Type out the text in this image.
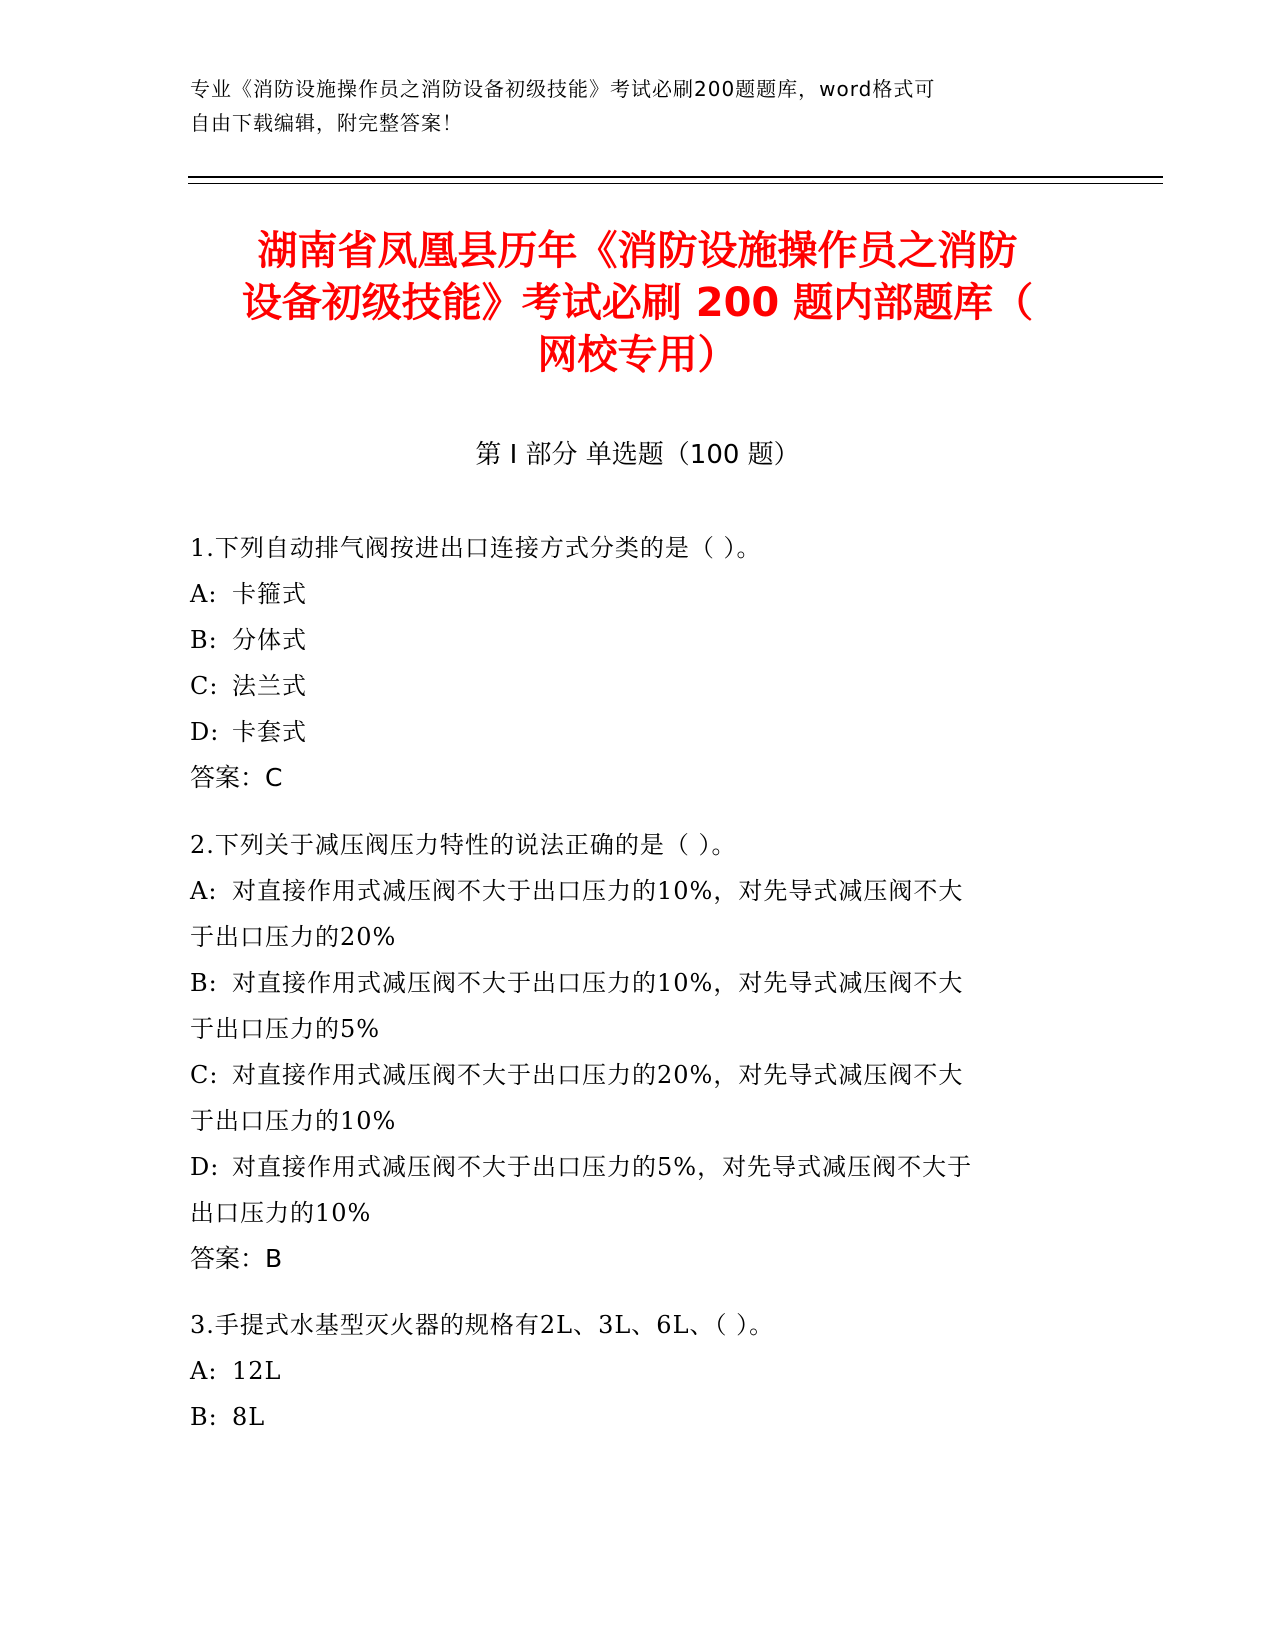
专业《消防设施操作员之消防设备初级技能》考试必刷200题题库，word格式可
自由下载编辑，附完整答案！
湖南省凤凰县历年《消防设施操作员之消防
设备初级技能》考试必刷 200 题内部题库（
网校专用）
第 I 部分 单选题（100 题）
1.下列自动排气阀按进出口连接方式分类的是（ ）。
A: 卡箍式
B: 分体式
C: 法兰式
D: 卡套式
答案：C
2.下列关于减压阀压力特性的说法正确的是（ ）。
A: 对直接作用式减压阀不大于出口压力的10%，对先导式减压阀不大
于出口压力的20%
B: 对直接作用式减压阀不大于出口压力的10%，对先导式减压阀不大
于出口压力的5%
C: 对直接作用式减压阀不大于出口压力的20%，对先导式减压阀不大
于出口压力的10%
D: 对直接作用式减压阀不大于出口压力的5%，对先导式减压阀不大于
出口压力的10%
答案：B
3.手提式水基型灭火器的规格有2L、3L、6L、（ ）。
A: 12L
B: 8L
